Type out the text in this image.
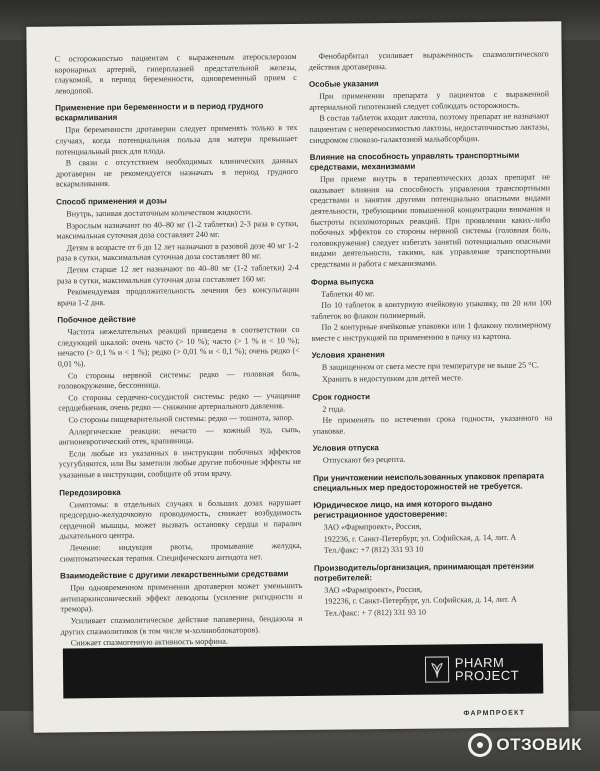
С осторожностью пациентам с выраженным атеросклерозом коронарных артерий, гиперплазией предстательной железы, глаукомой, в период беременности, одновременный прием с леводопой.
Применение при беременности и в период грудного вскармливания
При беременности дротаверин следует применять только в тех случаях, когда потенциальная польза для матери превышает потенциальный риск для плода.
В связи с отсутствием необходимых клинических данных дротаверин не рекомендуется назначать в период грудного вскармливания.
Способ применения и дозы
Внутрь, запивая достаточным количеством жидкости.
Взрослым назначают по 40–80 мг (1-2 таблетки) 2-3 раза в сутки, максимальная суточная доза составляет 240 мг.
Детям в возрасте от 6 до 12 лет назначают в разовой дозе 40 мг 1-2 раза в сутки, максимальная суточная доза составляет 80 мг.
Детям старше 12 лет назначают по 40–80 мг (1-2 таблетки) 2-4 раза в сутки, максимальная суточная доза составляет 160 мг.
Рекомендуемая продолжительность лечения без консультации врача 1-2 дня.
Побочное действие
Частота нежелательных реакций приведена в соответствии со следующей шкалой: очень часто (> 10 %); часто (> 1 % и < 10 %); нечасто (> 0,1 % и < 1 %); редко (> 0,01 % и < 0,1 %); очень редко (< 0,01 %).
Со стороны нервной системы: редко — головная боль, головокружение, бессонница.
Со стороны сердечно-сосудистой системы: редко — учащение сердцебиения, очень редко — снижение артериального давления.
Со стороны пищеварительной системы: редко — тошнота, запор.
Аллергические реакции: нечасто — кожный зуд, сыпь, ангионевротический отек, крапивница.
Если любые из указанных в инструкции побочных эффектов усугубляются, или Вы заметили любые другие побочные эффекты не указанные в инструкции, сообщите об этом врачу.
Передозировка
Симптомы: в отдельных случаях в больших дозах нарушает предсердно-желудочковую проводимость, снижает возбудимость сердечной мышцы, может вызвать остановку сердца и паралич дыхательного центра.
Лечение: индукция рвоты, промывание желудка, симптоматическая терапия. Специфического антидота нет.
Взаимодействие с другими лекарственными средствами
При одновременном применении дротаверин может уменьшить антипаркинсонический эффект леводопы (усиление ригидности и тремора).
Усиливает спазмолитическое действие папаверина, бендазола и других спазмолитиков (в том числе м-холиноблокаторов).
Снижает спазмогенную активность морфина.
Фенобарбитал усиливает выраженность спазмолитического действия дротаверина.
Особые указания
При применении препарата у пациентов с выраженной артериальной гипотензией следует соблюдать осторожность.
В состав таблеток входит лактоза, поэтому препарат не назначают пациентам с непереносимостью лактозы, недостаточностью лактазы, синдромом глюкозо-галактозной мальабсорбции.
Влияние на способность управлять транспортными средствами, механизмами
При приеме внутрь в терапевтических дозах препарат не оказывает влияния на способность управления транспортными средствами и занятия другими потенциально опасными видами деятельности, требующими повышенной концентрации внимания и быстроты психомоторных реакций. При проявлении каких-либо побочных эффектов со стороны нервной системы (головная боль, головокружение) следует избегать занятий потенциально опасными видами деятельности, такими, как управление транспортными средствами и работа с механизмами.
Форма выпуска
Таблетки 40 мг.
По 10 таблеток в контурную ячейковую упаковку, по 20 или 100 таблеток во флакон полимерный.
По 2 контурные ячейковые упаковки или 1 флакону полимерному вместе с инструкцией по применению в пачку из картона.
Условия хранения
В защищенном от света месте при температуре не выше 25 °С.
Хранить в недоступном для детей месте.
Срок годности
2 года.
Не применять по истечении срока годности, указанного на упаковке.
Условия отпуска
Отпускают без рецепта.
При уничтожении неиспользованных упаковок препарата специальных мер предосторожностей не требуется.
Юридическое лицо, на имя которого выдано регистрационное удостоверение:
ЗАО «Фармпроект», Россия,
192236, г. Санкт-Петербург, ул. Софийская, д. 14, лит. А
Тел./факс: +7 (812) 331 93 10
Производитель/организация, принимающая претензии потребителей:
ЗАО «Фармпроект», Россия,
192236, г. Санкт-Петербург, ул. Софийская, д. 14, лит. А
Тел./факс: + 7 (812) 331 93 10
PHARM
PROJECT
ФАРМПРОЕКТ
ОТЗОВИК
